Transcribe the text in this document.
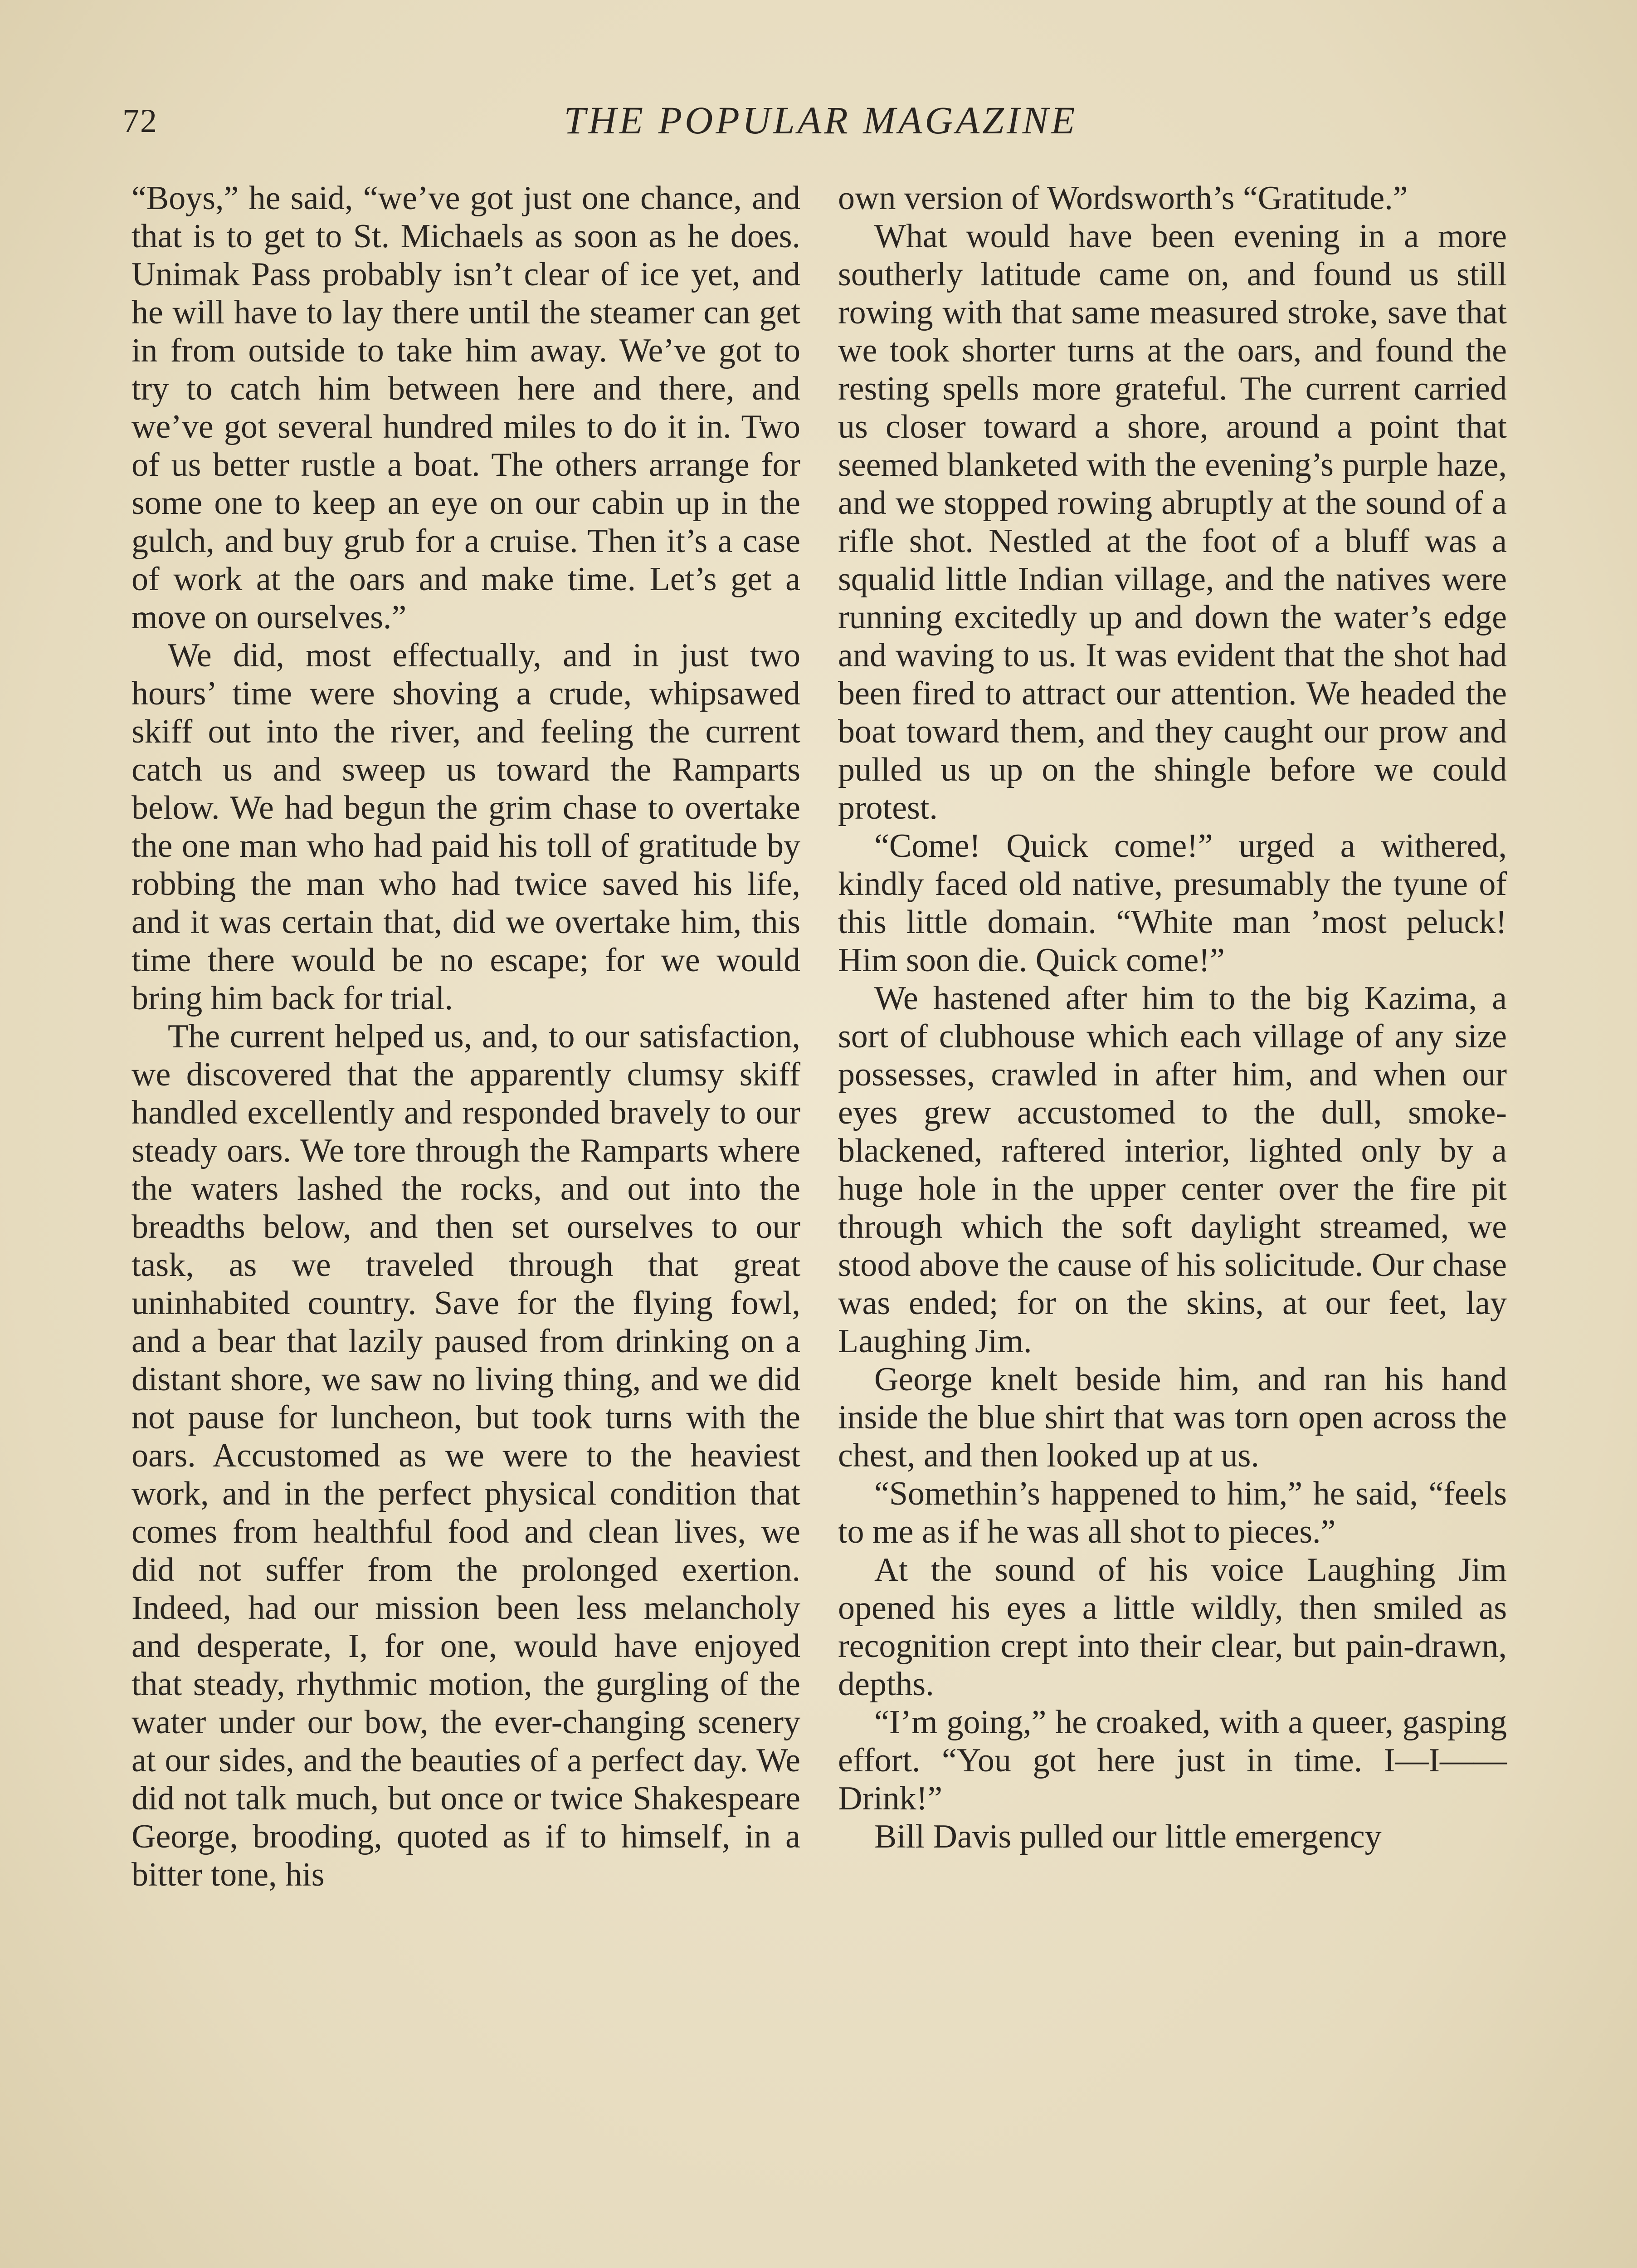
72	THE POPULAR MAGAZINE

“Boys,” he said, “we’ve got just one chance, and that is to get to St. Michaels as soon as he does. Unimak Pass probably isn’t clear of ice yet, and he will have to lay there until the steamer can get in from outside to take him away. We’ve got to try to catch him between here and there, and we’ve got several hundred miles to do it in. Two of us better rustle a boat. The others arrange for some one to keep an eye on our cabin up in the gulch, and buy grub for a cruise. Then it’s a case of work at the oars and make time. Let’s get a move on ourselves.”

We did, most effectually, and in just two hours’ time were shoving a crude, whipsawed skiff out into the river, and feeling the current catch us and sweep us toward the Ramparts below. We had begun the grim chase to overtake the one man who had paid his toll of gratitude by robbing the man who had twice saved his life, and it was certain that, did we overtake him, this time there would be no escape; for we would bring him back for trial.

The current helped us, and, to our satisfaction, we discovered that the apparently clumsy skiff handled excellently and responded bravely to our steady oars. We tore through the Ramparts where the waters lashed the rocks, and out into the breadths below, and then set ourselves to our task, as we traveled through that great uninhabited country. Save for the flying fowl, and a bear that lazily paused from drinking on a distant shore, we saw no living thing, and we did not pause for luncheon, but took turns with the oars. Accustomed as we were to the heaviest work, and in the perfect physical condition that comes from healthful food and clean lives, we did not suffer from the prolonged exertion. Indeed, had our mission been less melancholy and desperate, I, for one, would have enjoyed that steady, rhythmic motion, the gurgling of the water under our bow, the ever-changing scenery at our sides, and the beauties of a perfect day. We did not talk much, but once or twice Shakespeare George, brooding, quoted as if to himself, in a bitter tone, his

own version of Wordsworth’s “Gratitude.”

What would have been evening in a more southerly latitude came on, and found us still rowing with that same measured stroke, save that we took shorter turns at the oars, and found the resting spells more grateful. The current carried us closer toward a shore, around a point that seemed blanketed with the evening’s purple haze, and we stopped rowing abruptly at the sound of a rifle shot. Nestled at the foot of a bluff was a squalid little Indian village, and the natives were running excitedly up and down the water’s edge and waving to us. It was evident that the shot had been fired to attract our attention. We headed the boat toward them, and they caught our prow and pulled us up on the shingle before we could protest.

“Come! Quick come!” urged a withered, kindly faced old native, presumably the tyune of this little domain. “White man ’most peluck! Him soon die. Quick come!”

We hastened after him to the big Kazima, a sort of clubhouse which each village of any size possesses, crawled in after him, and when our eyes grew accustomed to the dull, smokeblackened, raftered interior, lighted only by a huge hole in the upper center over the fire pit through which the soft daylight streamed, we stood above the cause of his solicitude. Our chase was ended; for on the skins, at our feet, lay Laughing Jim.

George knelt beside him, and ran his hand inside the blue shirt that was torn open across the chest, and then looked up at us.

“Somethin’s happened to him,” he said, “feels to me as if he was all shot to pieces.”

At the sound of his voice Laughing Jim opened his eyes a little wildly, then smiled as recognition crept into their clear, but pain-drawn, depths.

“I’m going,” he croaked, with a queer, gasping effort. “You got here just in time. I—I—— Drink!”

Bill Davis pulled our little emergency
